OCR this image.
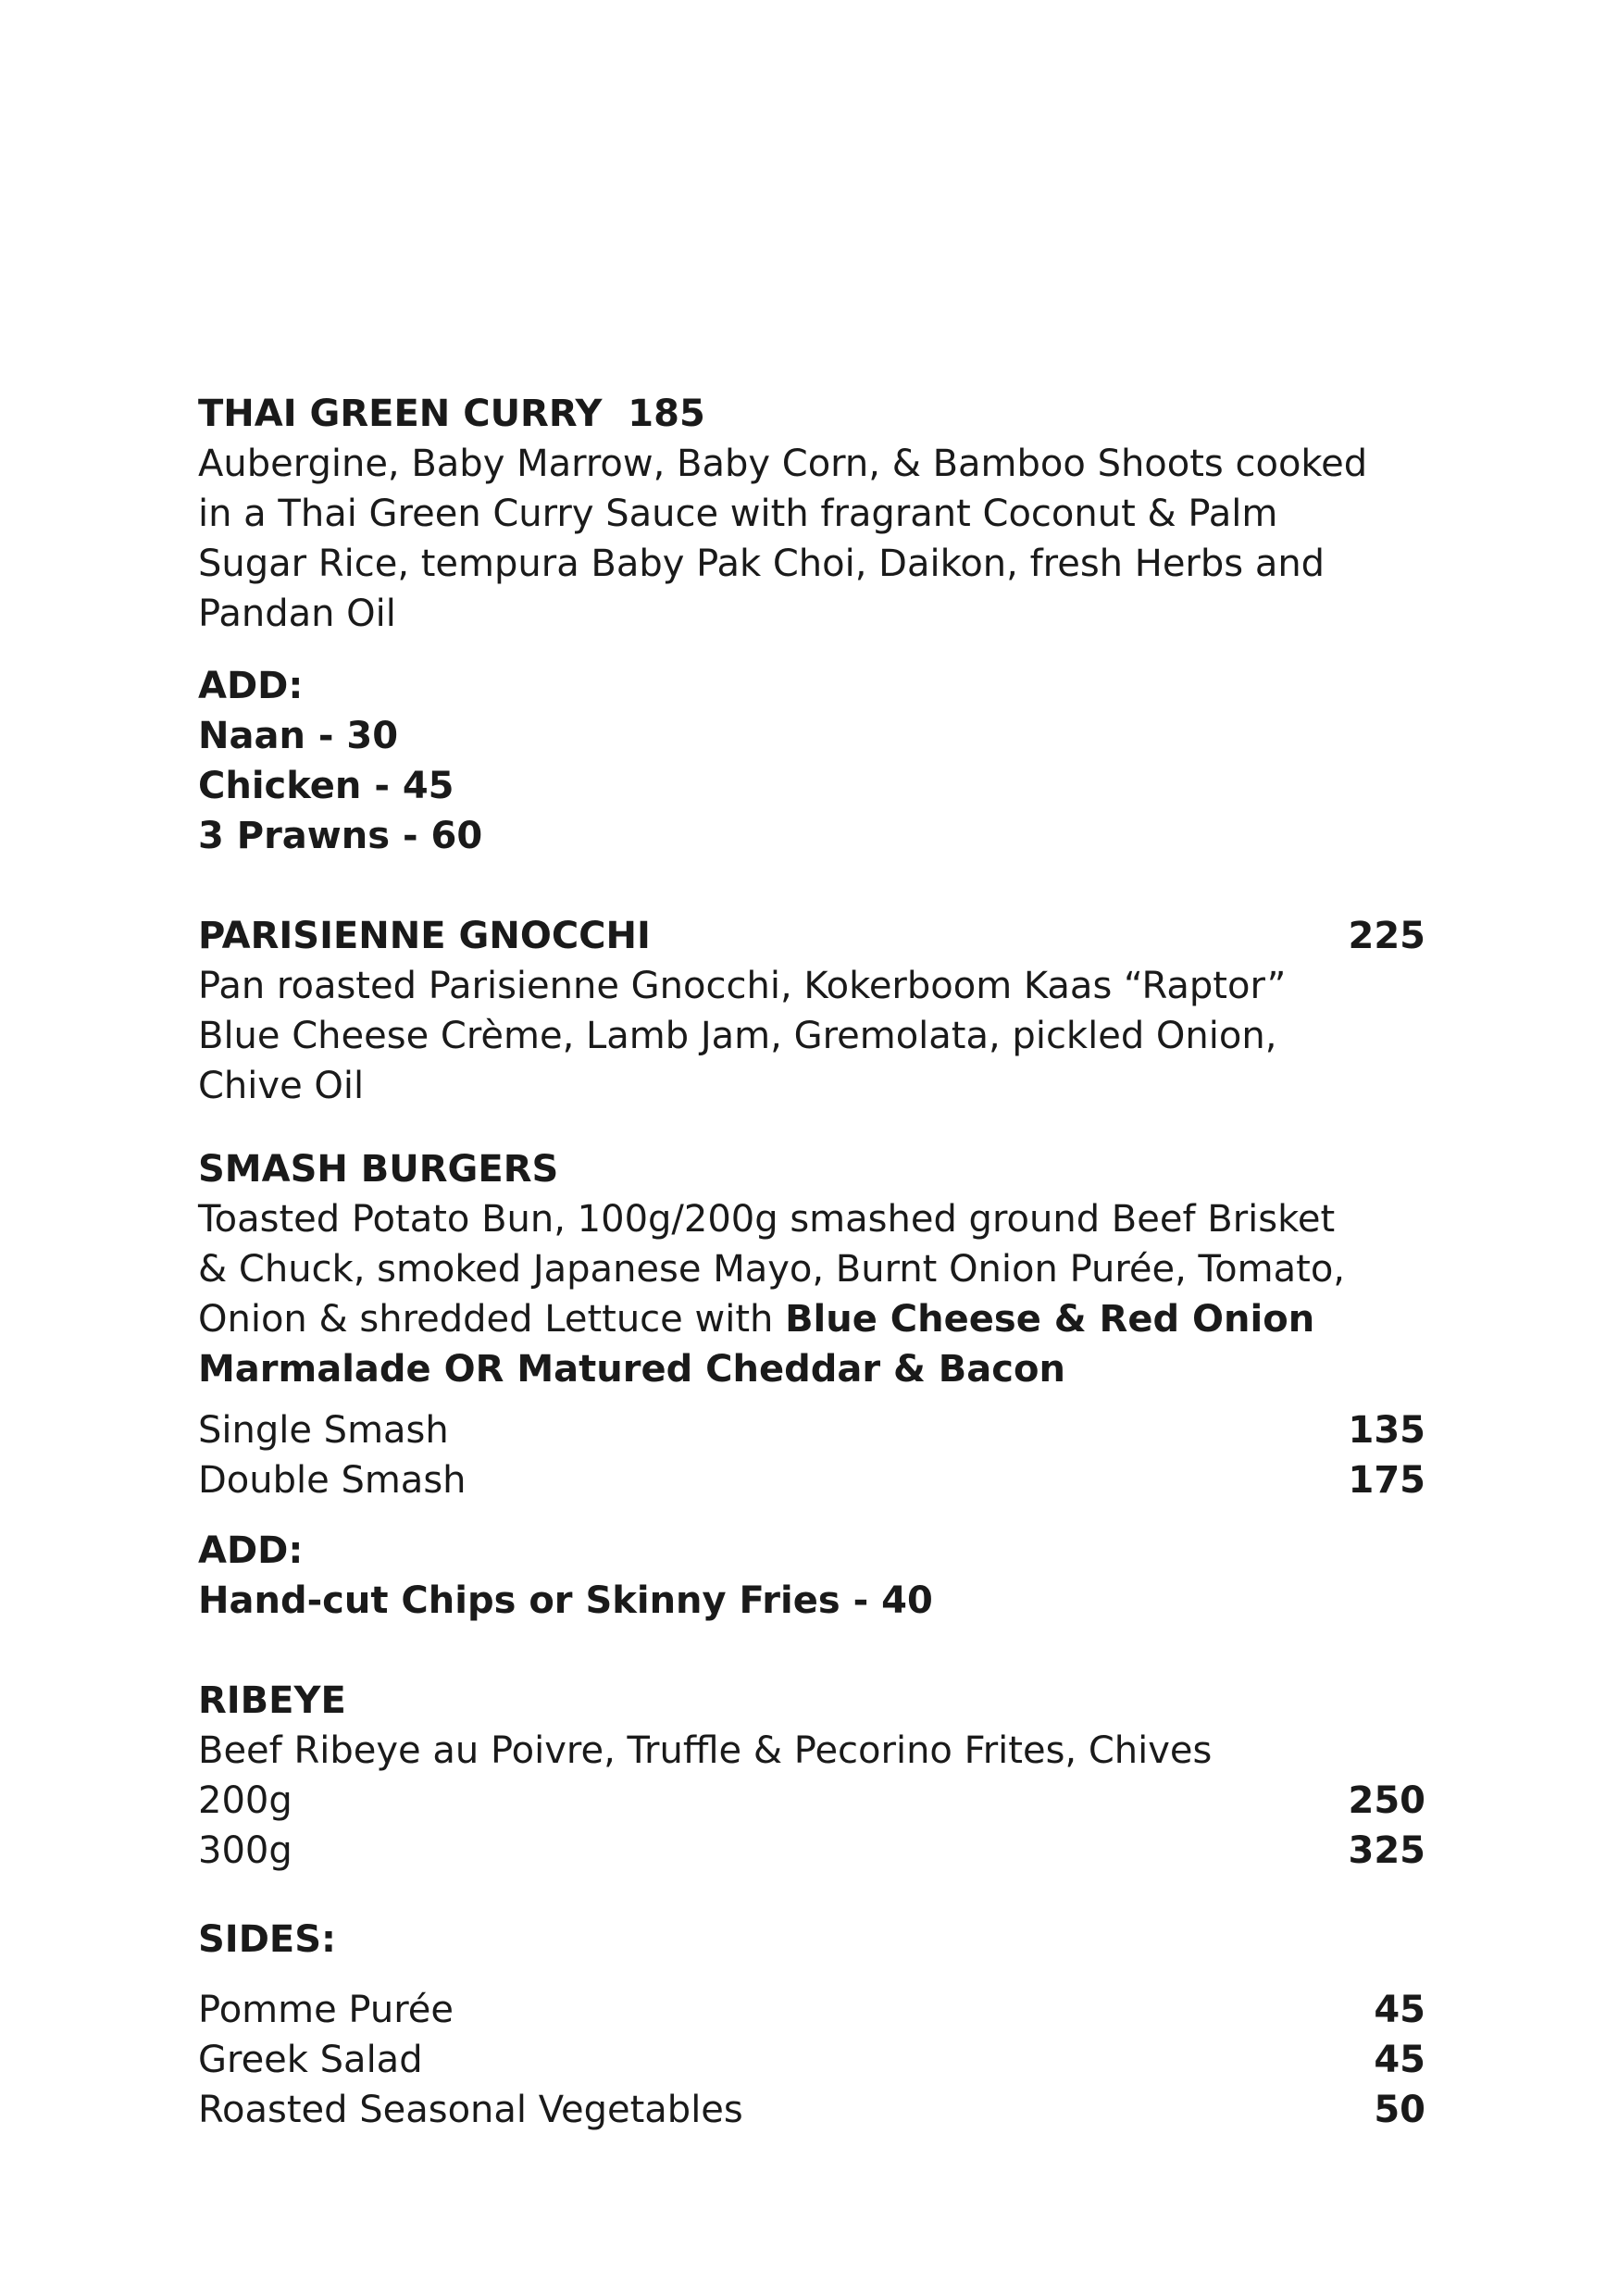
THAI GREEN CURRY 185
Aubergine, Baby Marrow, Baby Corn, & Bamboo Shoots cooked
in a Thai Green Curry Sauce with fragrant Coconut & Palm
Sugar Rice, tempura Baby Pak Choi, Daikon, fresh Herbs and
Pandan Oil
ADD:
Naan - 30
Chicken - 45
3 Prawns - 60
PARISIENNE GNOCCHI	225
Pan roasted Parisienne Gnocchi, Kokerboom Kaas “Raptor”
Blue Cheese Crème, Lamb Jam, Gremolata, pickled Onion,
Chive Oil
SMASH BURGERS
Toasted Potato Bun, 100g/200g smashed ground Beef Brisket
& Chuck, smoked Japanese Mayo, Burnt Onion Purée, Tomato,
Onion & shredded Lettuce with Blue Cheese & Red Onion
Marmalade OR Matured Cheddar & Bacon
Single Smash	135
Double Smash	175
ADD:
Hand-cut Chips or Skinny Fries - 40
RIBEYE
Beef Ribeye au Poivre, Truffle & Pecorino Frites, Chives
200g	250
300g	325
SIDES:
Pomme Purée	45
Greek Salad	45
Roasted Seasonal Vegetables	50
